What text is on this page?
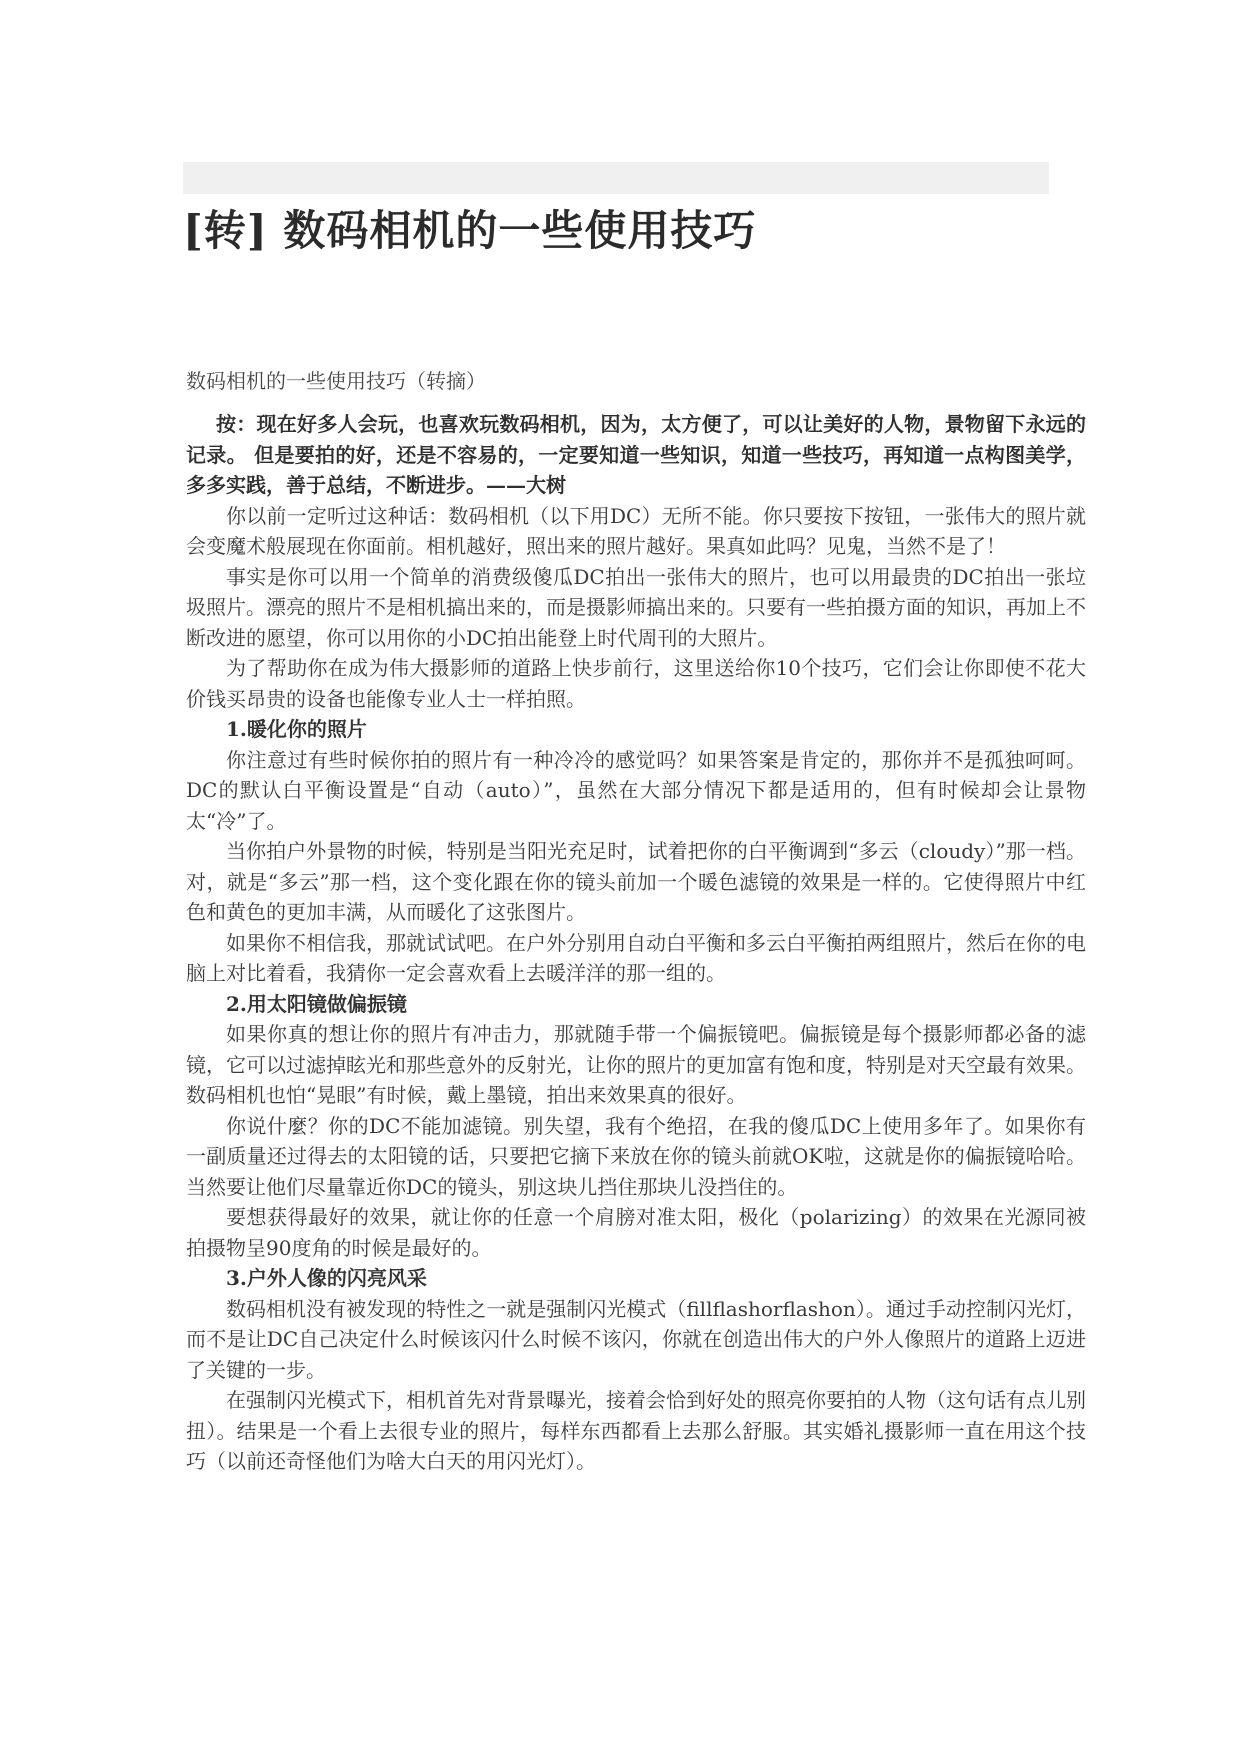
[转] 数码相机的一些使用技巧

数码相机的一些使用技巧（转摘）

按：现在好多人会玩，也喜欢玩数码相机，因为，太方便了，可以让美好的人物，景物留下永远的记录。 但是要拍的好，还是不容易的，一定要知道一些知识，知道一些技巧，再知道一点构图美学，多多实践，善于总结，不断进步。——大树

你以前一定听过这种话：数码相机（以下用DC）无所不能。你只要按下按钮，一张伟大的照片就会变魔术般展现在你面前。相机越好，照出来的照片越好。果真如此吗？见鬼，当然不是了！

事实是你可以用一个简单的消费级傻瓜DC拍出一张伟大的照片，也可以用最贵的DC拍出一张垃圾照片。漂亮的照片不是相机搞出来的，而是摄影师搞出来的。只要有一些拍摄方面的知识，再加上不断改进的愿望，你可以用你的小DC拍出能登上时代周刊的大照片。

为了帮助你在成为伟大摄影师的道路上快步前行，这里送给你10个技巧，它们会让你即使不花大价钱买昂贵的设备也能像专业人士一样拍照。

1.暖化你的照片

你注意过有些时候你拍的照片有一种冷冷的感觉吗？如果答案是肯定的，那你并不是孤独呵呵。DC的默认白平衡设置是“自动（auto）”，虽然在大部分情况下都是适用的，但有时候却会让景物太“冷”了。

当你拍户外景物的时候，特别是当阳光充足时，试着把你的白平衡调到“多云（cloudy）”那一档。对，就是“多云”那一档，这个变化跟在你的镜头前加一个暖色滤镜的效果是一样的。它使得照片中红色和黄色的更加丰满，从而暖化了这张图片。

如果你不相信我，那就试试吧。在户外分别用自动白平衡和多云白平衡拍两组照片，然后在你的电脑上对比着看，我猜你一定会喜欢看上去暖洋洋的那一组的。

2.用太阳镜做偏振镜

如果你真的想让你的照片有冲击力，那就随手带一个偏振镜吧。偏振镜是每个摄影师都必备的滤镜，它可以过滤掉眩光和那些意外的反射光，让你的照片的更加富有饱和度，特别是对天空最有效果。数码相机也怕“晃眼”有时候，戴上墨镜，拍出来效果真的很好。

你说什麼？你的DC不能加滤镜。别失望，我有个绝招，在我的傻瓜DC上使用多年了。如果你有一副质量还过得去的太阳镜的话，只要把它摘下来放在你的镜头前就OK啦，这就是你的偏振镜哈哈。当然要让他们尽量靠近你DC的镜头，别这块儿挡住那块儿没挡住的。

要想获得最好的效果，就让你的任意一个肩膀对准太阳，极化（polarizing）的效果在光源同被拍摄物呈90度角的时候是最好的。

3.户外人像的闪亮风采

数码相机没有被发现的特性之一就是强制闪光模式（fillflashorflashon）。通过手动控制闪光灯，而不是让DC自己决定什么时候该闪什么时候不该闪，你就在创造出伟大的户外人像照片的道路上迈进了关键的一步。

在强制闪光模式下，相机首先对背景曝光，接着会恰到好处的照亮你要拍的人物（这句话有点儿别扭）。结果是一个看上去很专业的照片，每样东西都看上去那么舒服。其实婚礼摄影师一直在用这个技巧（以前还奇怪他们为啥大白天的用闪光灯）。
